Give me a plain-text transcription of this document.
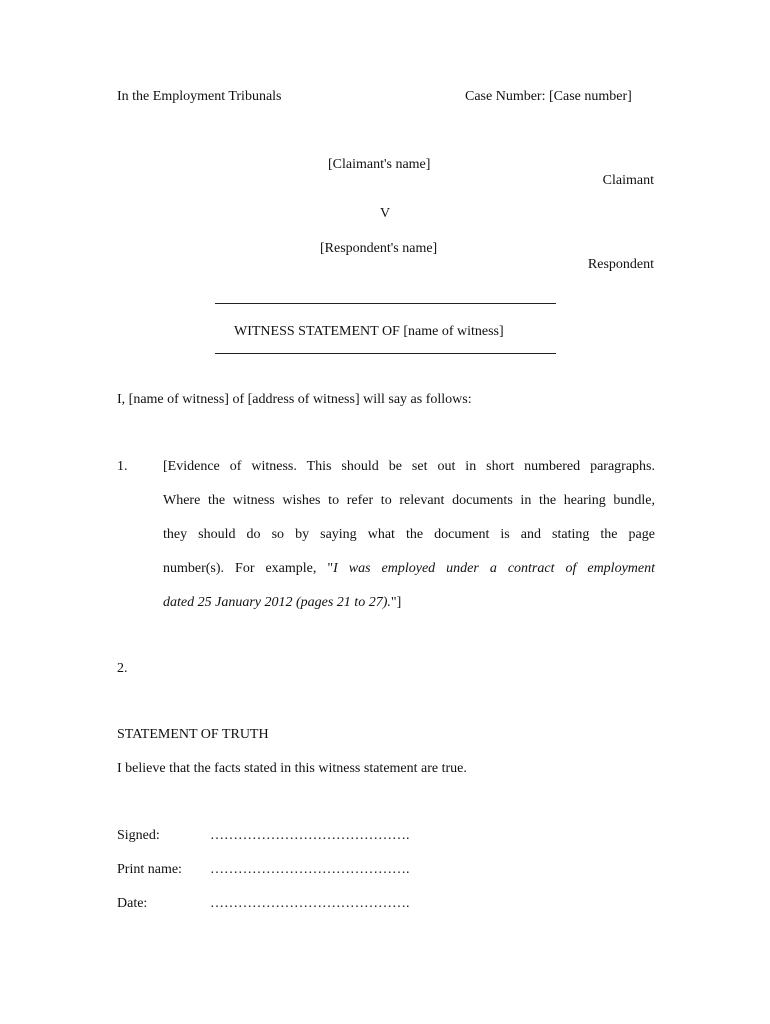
In the Employment Tribunals	Case Number: [Case number]
[Claimant's name]
Claimant
V
[Respondent's name]
Respondent
WITNESS STATEMENT OF [name of witness]
I, [name of witness] of [address of witness] will say as follows:
1.	[Evidence of witness. This should be set out in short numbered paragraphs.
Where the witness wishes to refer to relevant documents in the hearing bundle,
they should do so by saying what the document is and stating the page
number(s). For example, "I was employed under a contract of employment
dated 25 January 2012 (pages 21 to 27)."]
2.
STATEMENT OF TRUTH
I believe that the facts stated in this witness statement are true.
Signed:	…………………………………….
Print name: …………………………………….
Date:	…………………………………….
